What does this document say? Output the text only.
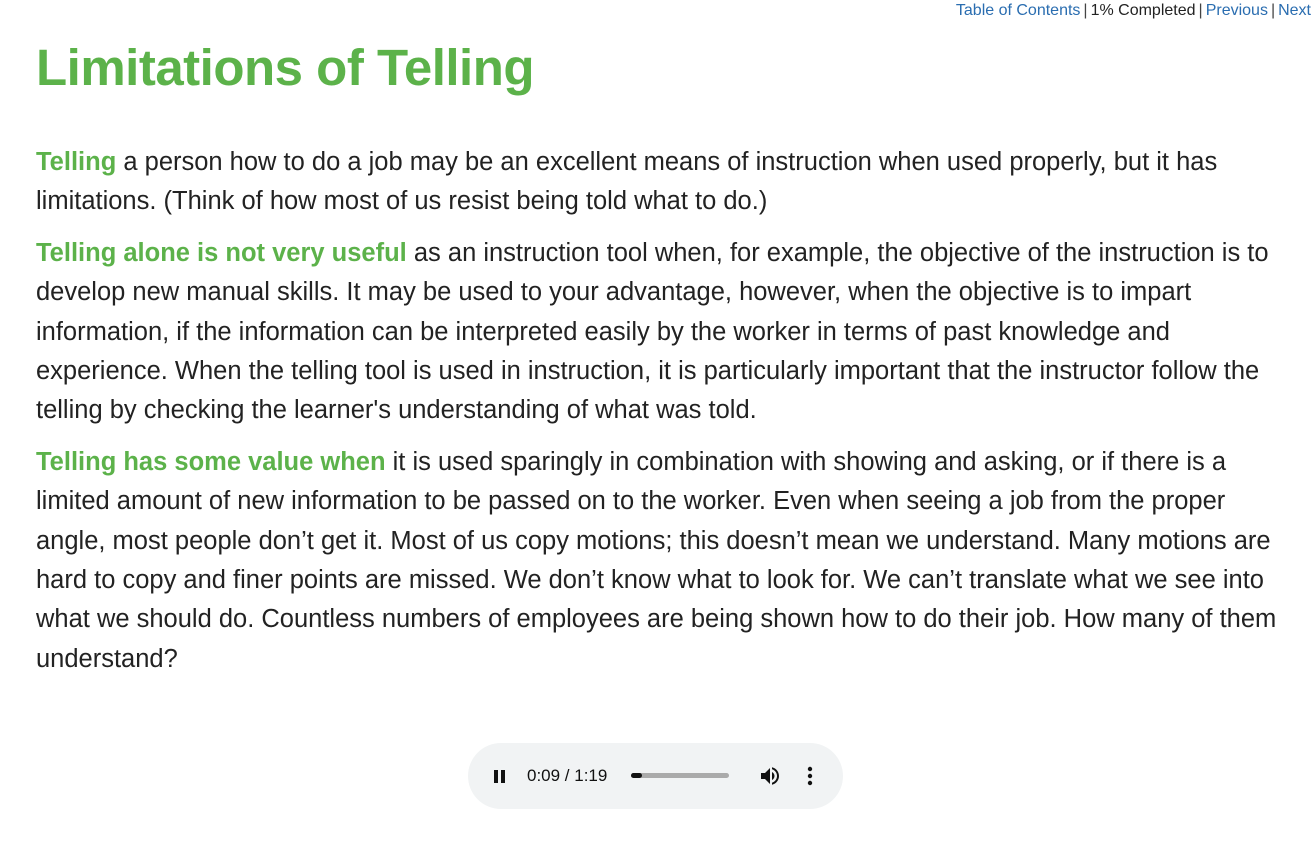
Table of Contents | 1% Completed | Previous | Next
Limitations of Telling

Telling a person how to do a job may be an excellent means of instruction when used properly, but it has limitations. (Think of how most of us resist being told what to do.)

Telling alone is not very useful as an instruction tool when, for example, the objective of the instruction is to develop new manual skills. It may be used to your advantage, however, when the objective is to impart information, if the information can be interpreted easily by the worker in terms of past knowledge and experience. When the telling tool is used in instruction, it is particularly important that the instructor follow the telling by checking the learner's understanding of what was told.

Telling has some value when it is used sparingly in combination with showing and asking, or if there is a limited amount of new information to be passed on to the worker. Even when seeing a job from the proper angle, most people don’t get it. Most of us copy motions; this doesn’t mean we understand. Many motions are hard to copy and finer points are missed. We don’t know what to look for. We can’t translate what we see into what we should do. Countless numbers of employees are being shown how to do their job. How many of them understand?

0:09 / 1:19
